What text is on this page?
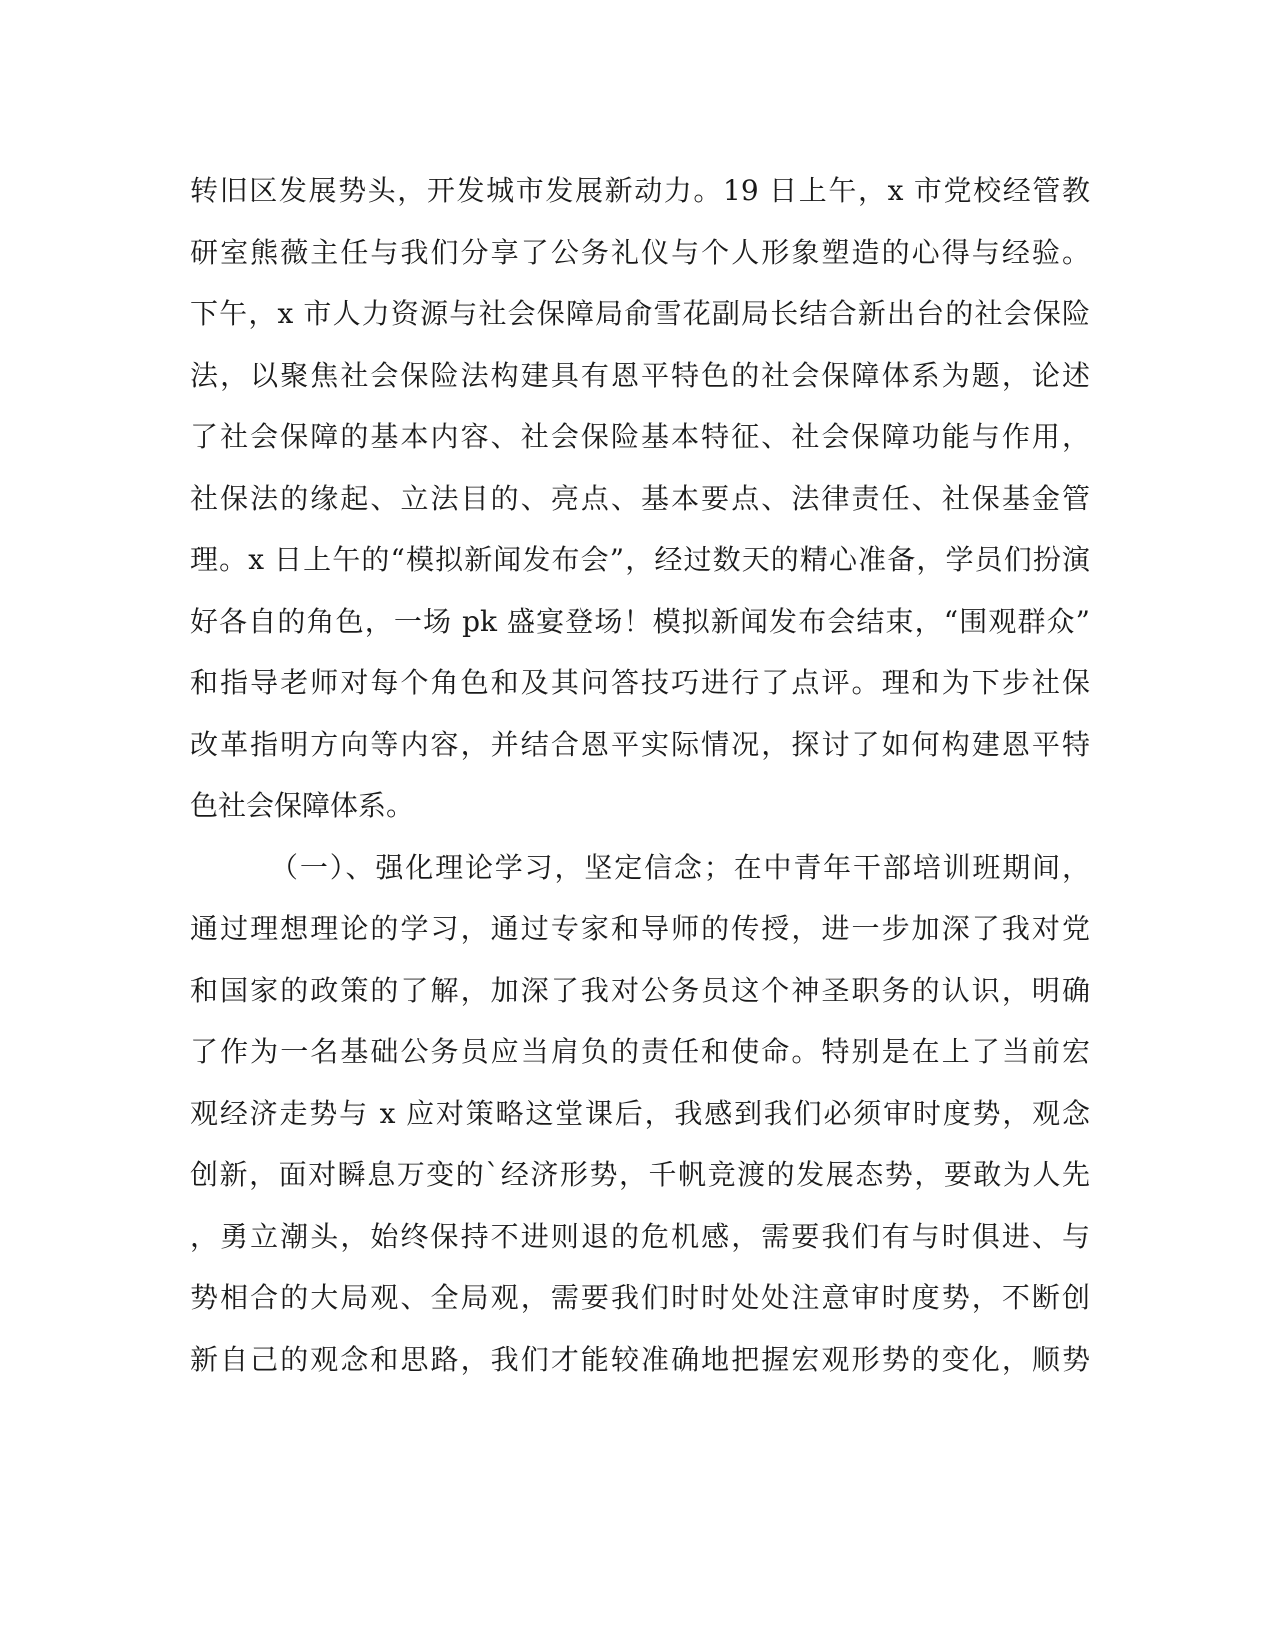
转旧区发展势头，开发城市发展新动力。19 日上午，x 市党校经管教
研室熊薇主任与我们分享了公务礼仪与个人形象塑造的心得与经验。
下午，x 市人力资源与社会保障局俞雪花副局长结合新出台的社会保险
法，以聚焦社会保险法构建具有恩平特色的社会保障体系为题，论述
了社会保障的基本内容、社会保险基本特征、社会保障功能与作用，
社保法的缘起、立法目的、亮点、基本要点、法律责任、社保基金管
理。x 日上午的“模拟新闻发布会”，经过数天的精心准备，学员们扮演
好各自的角色，一场 pk 盛宴登场！模拟新闻发布会结束，“围观群众”
和指导老师对每个角色和及其问答技巧进行了点评。理和为下步社保
改革指明方向等内容，并结合恩平实际情况，探讨了如何构建恩平特
色社会保障体系。
（一）、强化理论学习，坚定信念；在中青年干部培训班期间，
通过理想理论的学习，通过专家和导师的传授，进一步加深了我对党
和国家的政策的了解，加深了我对公务员这个神圣职务的认识，明确
了作为一名基础公务员应当肩负的责任和使命。特别是在上了当前宏
观经济走势与 x 应对策略这堂课后，我感到我们必须审时度势，观念
创新，面对瞬息万变的`经济形势，千帆竞渡的发展态势，要敢为人先
，勇立潮头，始终保持不进则退的危机感，需要我们有与时俱进、与
势相合的大局观、全局观，需要我们时时处处注意审时度势，不断创
新自己的观念和思路，我们才能较准确地把握宏观形势的变化，顺势
